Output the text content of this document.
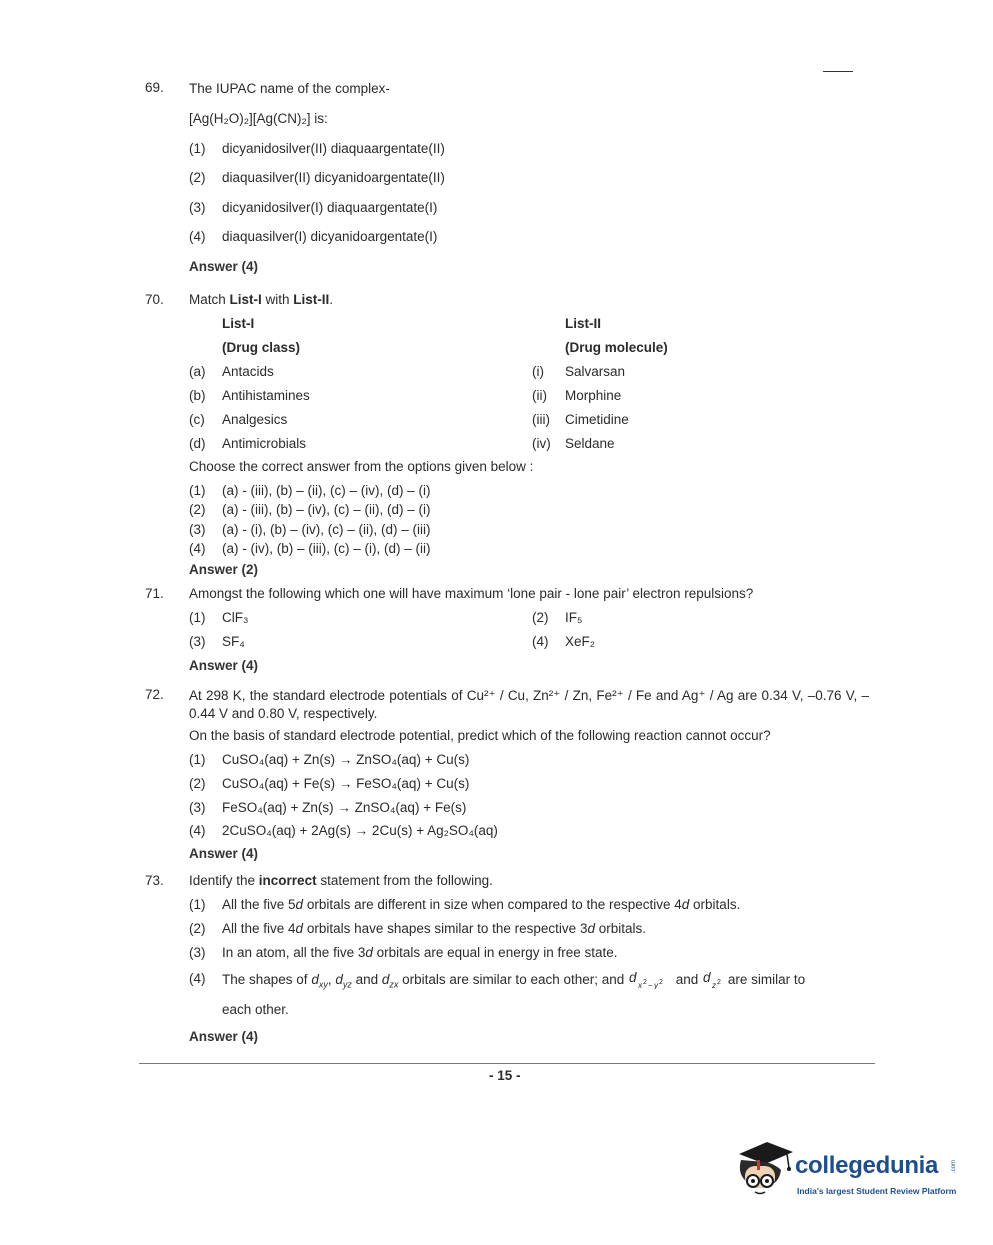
69. The IUPAC name of the complex-
[Ag(H₂O)₂][Ag(CN)₂] is:
(1) dicyanidosilver(II) diaquaargentate(II)
(2) diaquasilver(II) dicyanidoargentate(II)
(3) dicyanidosilver(I) diaquaargentate(I)
(4) diaquasilver(I) dicyanidoargentate(I)
Answer (4)
70. Match List-I with List-II.
List-I	List-II
(Drug class)	(Drug molecule)
(a) Antacids	(i) Salvarsan
(b) Antihistamines	(ii) Morphine
(c) Analgesics	(iii) Cimetidine
(d) Antimicrobials	(iv) Seldane
Choose the correct answer from the options given below :
(1) (a) - (iii), (b) – (ii), (c) – (iv), (d) – (i)
(2) (a) - (iii), (b) – (iv), (c) – (ii), (d) – (i)
(3) (a) - (i), (b) – (iv), (c) – (ii), (d) – (iii)
(4) (a) - (iv), (b) – (iii), (c) – (i), (d) – (ii)
Answer (2)
71. Amongst the following which one will have maximum ‘lone pair - lone pair’ electron repulsions?
(1) ClF₃	(2) IF₅
(3) SF₄	(4) XeF₂
Answer (4)
72. At 298 K, the standard electrode potentials of Cu²⁺ / Cu, Zn²⁺ / Zn, Fe²⁺ / Fe and Ag⁺ / Ag are 0.34 V, –0.76 V, –0.44 V and 0.80 V, respectively.
On the basis of standard electrode potential, predict which of the following reaction cannot occur?
(1) CuSO₄(aq) + Zn(s) → ZnSO₄(aq) + Cu(s)
(2) CuSO₄(aq) + Fe(s) → FeSO₄(aq) + Cu(s)
(3) FeSO₄(aq) + Zn(s) → ZnSO₄(aq) + Fe(s)
(4) 2CuSO₄(aq) + 2Ag(s) → 2Cu(s) + Ag₂SO₄(aq)
Answer (4)
73. Identify the incorrect statement from the following.
(1) All the five 5d orbitals are different in size when compared to the respective 4d orbitals.
(2) All the five 4d orbitals have shapes similar to the respective 3d orbitals.
(3) In an atom, all the five 3d orbitals are equal in energy in free state.
(4) The shapes of $d_{xy}$, $d_{yz}$ and $d_{zx}$ orbitals are similar to each other; and d
x 2 − y 2 and d
z 2 are similar to
each other.
Answer (4)
- 15 -
collegedunia .com
India's largest Student Review Platform
